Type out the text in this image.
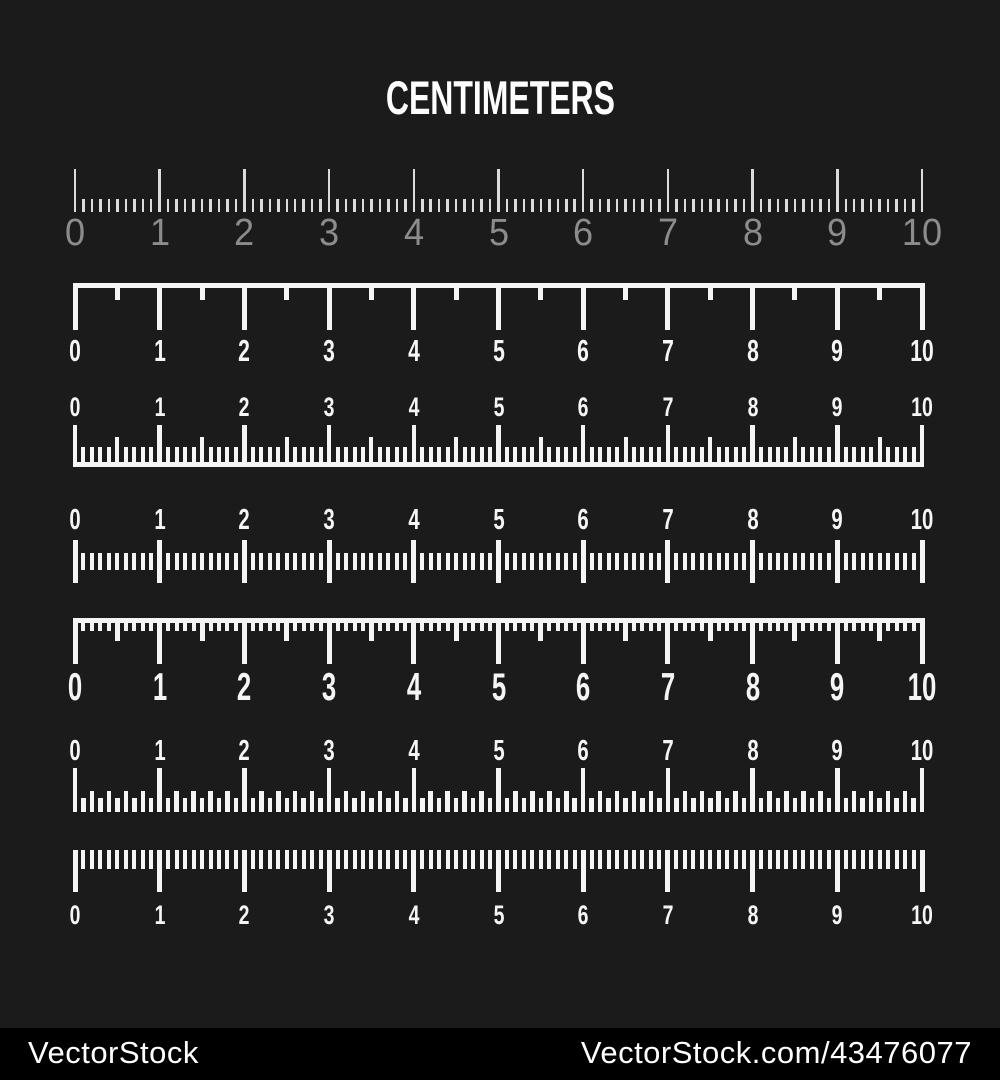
CENTIMETERS
0 1 2 3 4 5 6 7 8 9 10
0 1 2 3 4 5 6 7 8 9 10
0	1	2	3	4	5	6	7	8	9	10
0	1	2	3	4	5	6	7	8	9 10
0 1 2 3 4 5 6 7 8 9 10
0	1	2	3	4	5	6	7	8	9 10
0	1	2	3	4	5	6	7	8	9	10
VectorStock	VectorStock.com/43476077
